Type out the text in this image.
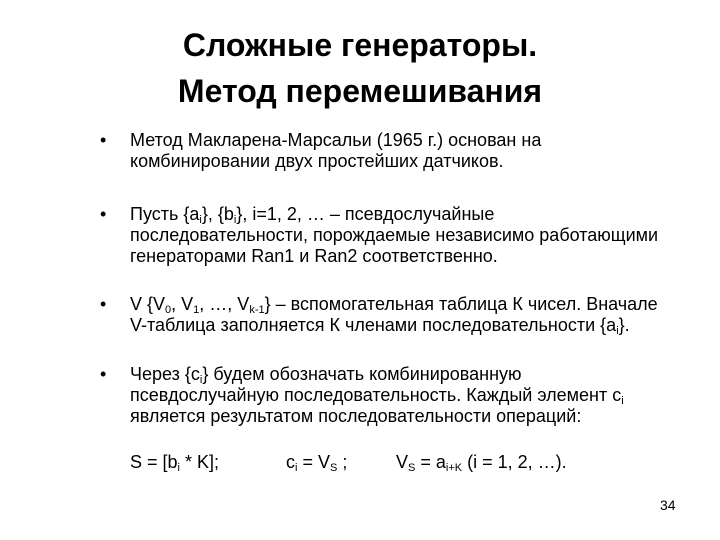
Сложные генераторы.
Метод перемешивания
•	Метод Макларена-Марсальи (1965 г.) основан на комбинировании двух простейших датчиков.
•	Пусть $\{a_i\}$, $\{b_i\}$, i=1, 2, … – псевдослучайные последовательности, порождаемые независимо работающими генераторами Ran1 и Ran2 соответственно.
•	V {$V_0$, $V_1$, …, $V_{k-1}$} – вспомогательная таблица К чисел. Вначале V-таблица заполняется К членами последовательности $\{a_i\}$.
•	Через $\{c_i\}$ будем обозначать комбинированную псевдослучайную последовательность. Каждый элемент $c_i$ является результатом последовательности операций:
$S = [b_i * K]$;	$c_i = V_S$ ;	$V_S = a_{i+K}$ (i = 1, 2, …).
34
